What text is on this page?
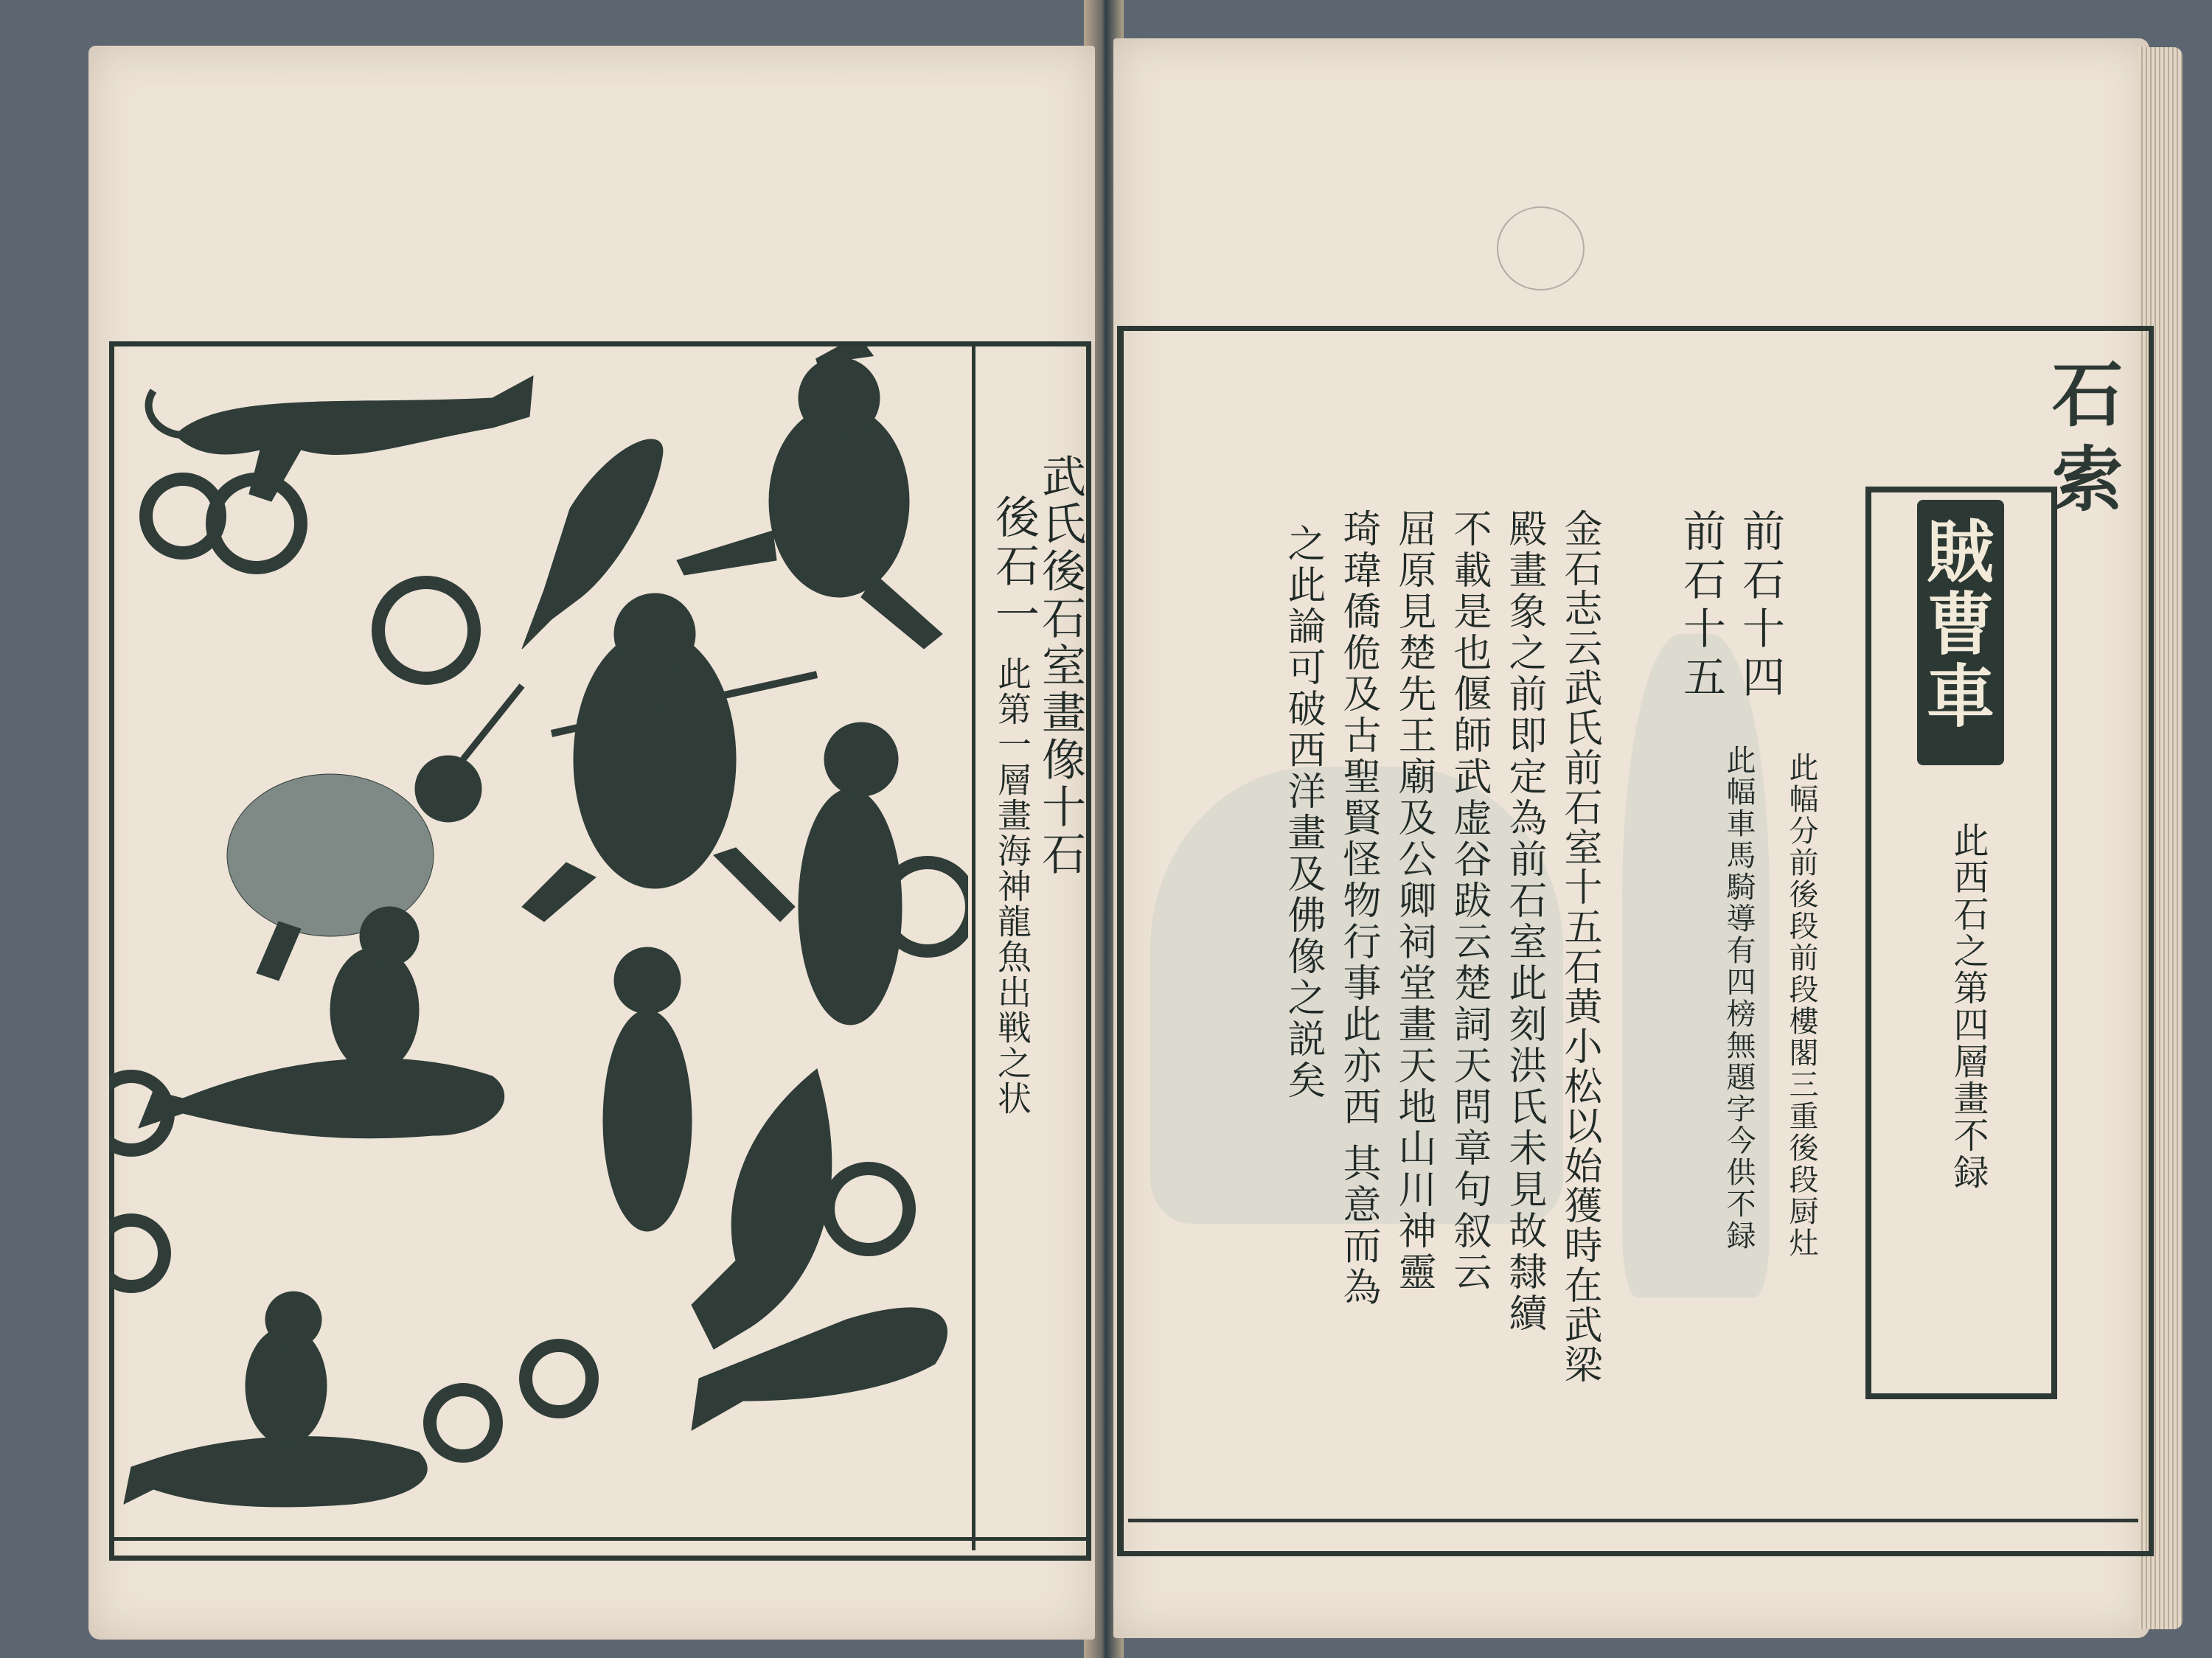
武氏後石室畫像十石
後石一
此第一層畫海神龍魚出戦之状
賊曹車
此西石之第四層畫不録
石
索
前石十四
前石十五
此幅分前後段前段樓閣三重後段厨灶
此幅車馬騎導有四榜無題字今供不録
金石志云武氏前石室十五石黄小松以始獲時在武梁
殿畫象之前即定為前石室此刻洪氏未見故隸續
不載是也偃師武虚谷跋云楚詞天問章句叙云
屈原見楚先王廟及公卿祠堂畫天地山川神靈
琦瑋僑佹及古聖賢怪物行事此亦西 其意而為
之此論可破西洋畫及佛像之説矣
